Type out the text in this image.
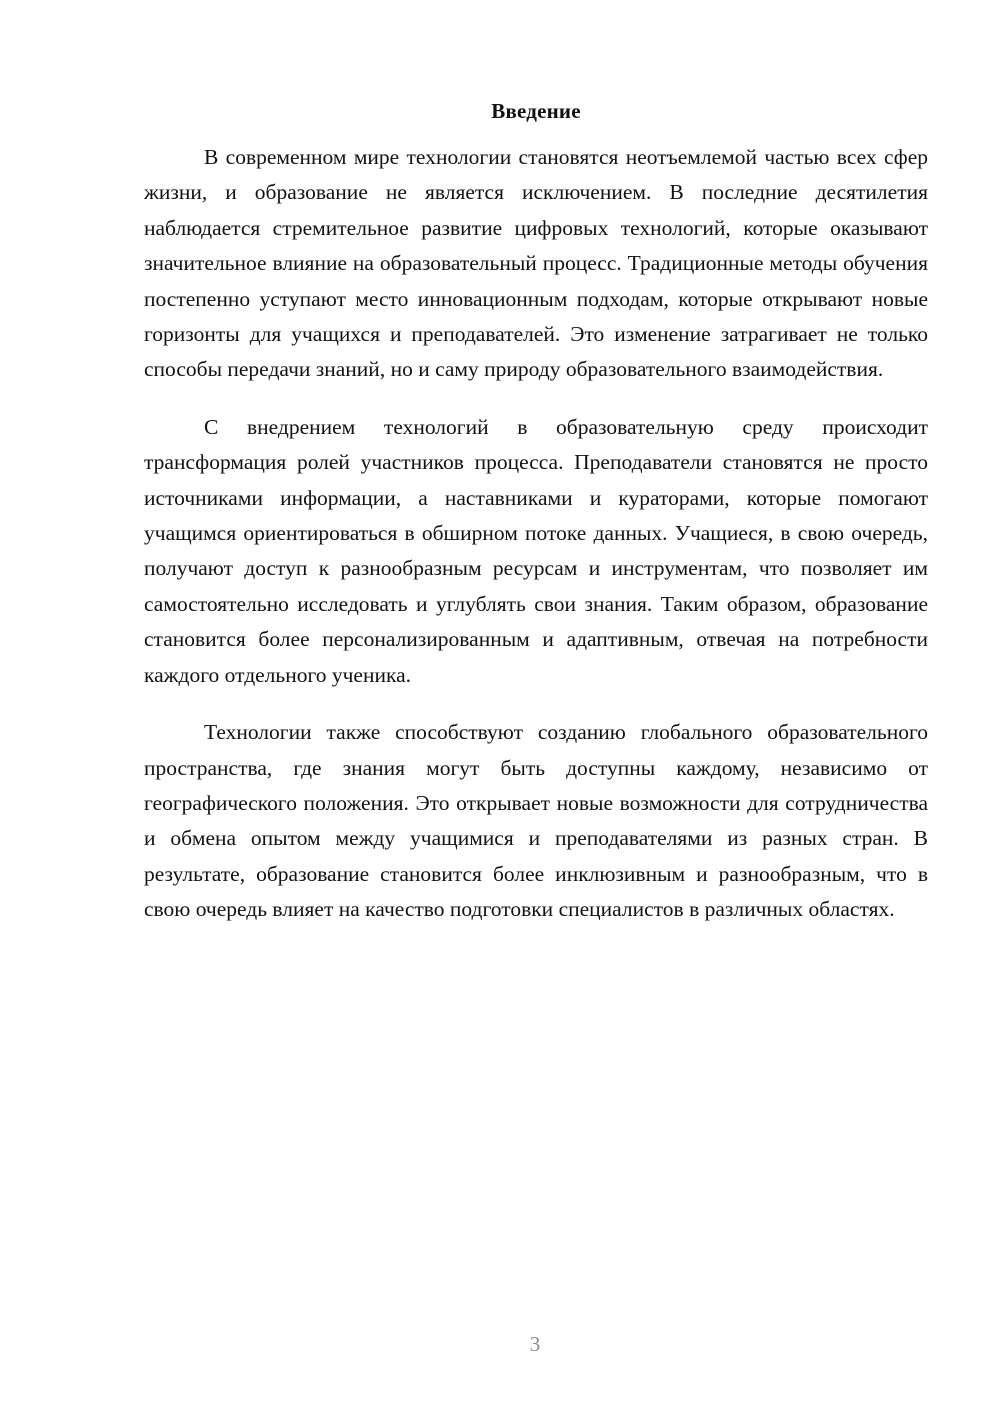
Введение

В современном мире технологии становятся неотъемлемой частью всех сфер жизни, и образование не является исключением. В последние десятилетия наблюдается стремительное развитие цифровых технологий, которые оказывают значительное влияние на образовательный процесс. Традиционные методы обучения постепенно уступают место инновационным подходам, которые открывают новые горизонты для учащихся и преподавателей. Это изменение затрагивает не только способы передачи знаний, но и саму природу образовательного взаимодействия.

С внедрением технологий в образовательную среду происходит трансформация ролей участников процесса. Преподаватели становятся не просто источниками информации, а наставниками и кураторами, которые помогают учащимся ориентироваться в обширном потоке данных. Учащиеся, в свою очередь, получают доступ к разнообразным ресурсам и инструментам, что позволяет им самостоятельно исследовать и углублять свои знания. Таким образом, образование становится более персонализированным и адаптивным, отвечая на потребности каждого отдельного ученика.

Технологии также способствуют созданию глобального образовательного пространства, где знания могут быть доступны каждому, независимо от географического положения. Это открывает новые возможности для сотрудничества и обмена опытом между учащимися и преподавателями из разных стран. В результате, образование становится более инклюзивным и разнообразным, что в свою очередь влияет на качество подготовки специалистов в различных областях.

3
